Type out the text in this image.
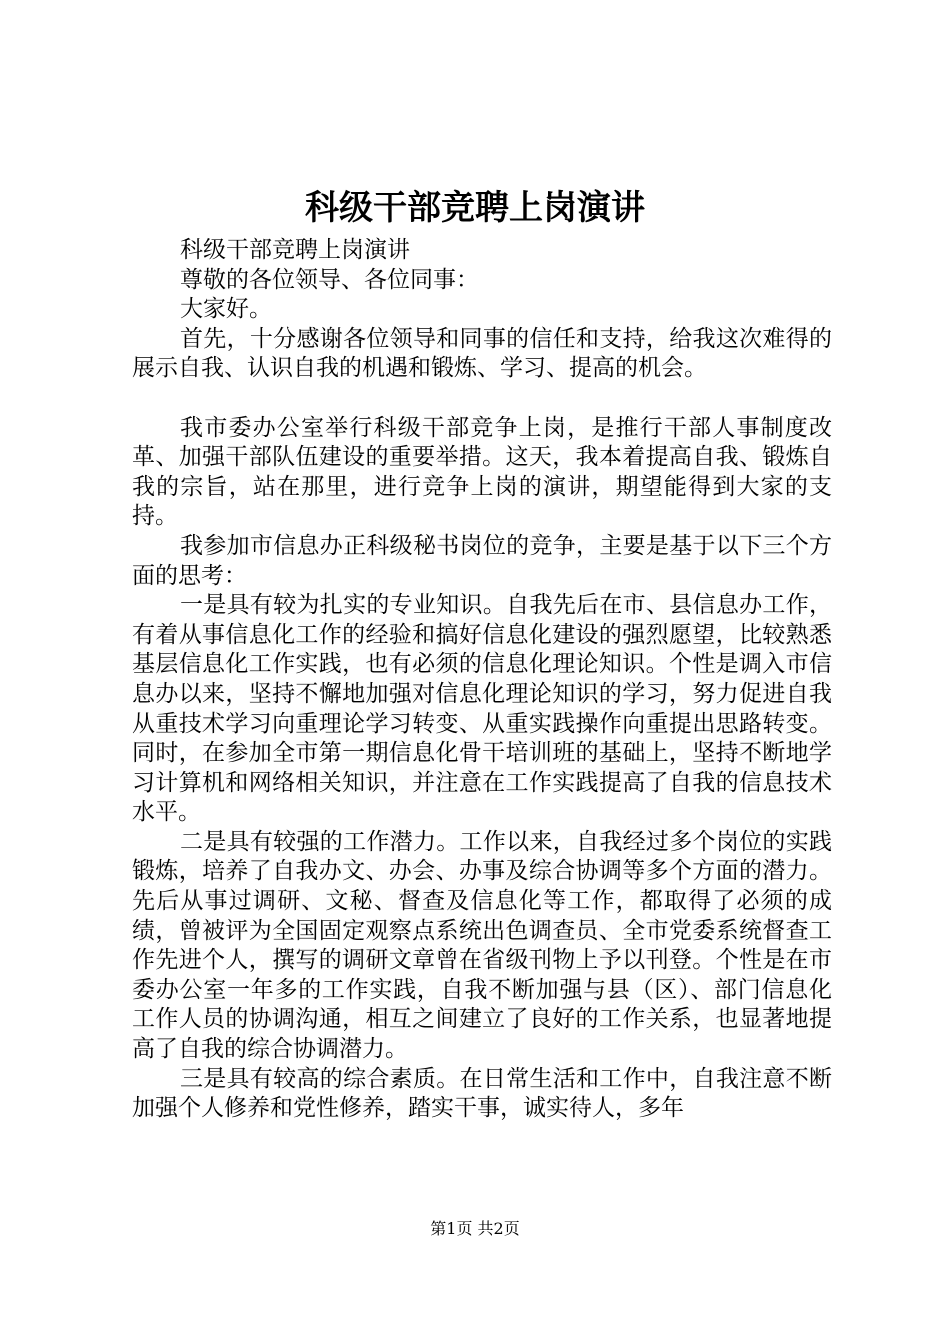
科级干部竞聘上岗演讲

科级干部竞聘上岗演讲

尊敬的各位领导、各位同事：

大家好。

首先，十分感谢各位领导和同事的信任和支持，给我这次难得的展示自我、认识自我的机遇和锻炼、学习、提高的机会。

我市委办公室举行科级干部竞争上岗，是推行干部人事制度改革、加强干部队伍建设的重要举措。这天，我本着提高自我、锻炼自我的宗旨，站在那里，进行竞争上岗的演讲，期望能得到大家的支持。

我参加市信息办正科级秘书岗位的竞争，主要是基于以下三个方面的思考：

一是具有较为扎实的专业知识。自我先后在市、县信息办工作，有着从事信息化工作的经验和搞好信息化建设的强烈愿望，比较熟悉基层信息化工作实践，也有必须的信息化理论知识。个性是调入市信息办以来，坚持不懈地加强对信息化理论知识的学习，努力促进自我从重技术学习向重理论学习转变、从重实践操作向重提出思路转变。同时，在参加全市第一期信息化骨干培训班的基础上，坚持不断地学习计算机和网络相关知识，并注意在工作实践提高了自我的信息技术水平。

二是具有较强的工作潜力。工作以来，自我经过多个岗位的实践锻炼，培养了自我办文、办会、办事及综合协调等多个方面的潜力。先后从事过调研、文秘、督查及信息化等工作，都取得了必须的成绩，曾被评为全国固定观察点系统出色调查员、全市党委系统督查工作先进个人，撰写的调研文章曾在省级刊物上予以刊登。个性是在市委办公室一年多的工作实践，自我不断加强与县（区）、部门信息化工作人员的协调沟通，相互之间建立了良好的工作关系，也显著地提高了自我的综合协调潜力。

三是具有较高的综合素质。在日常生活和工作中，自我注意不断加强个人修养和党性修养，踏实干事，诚实待人，多年

第1页 共2页
